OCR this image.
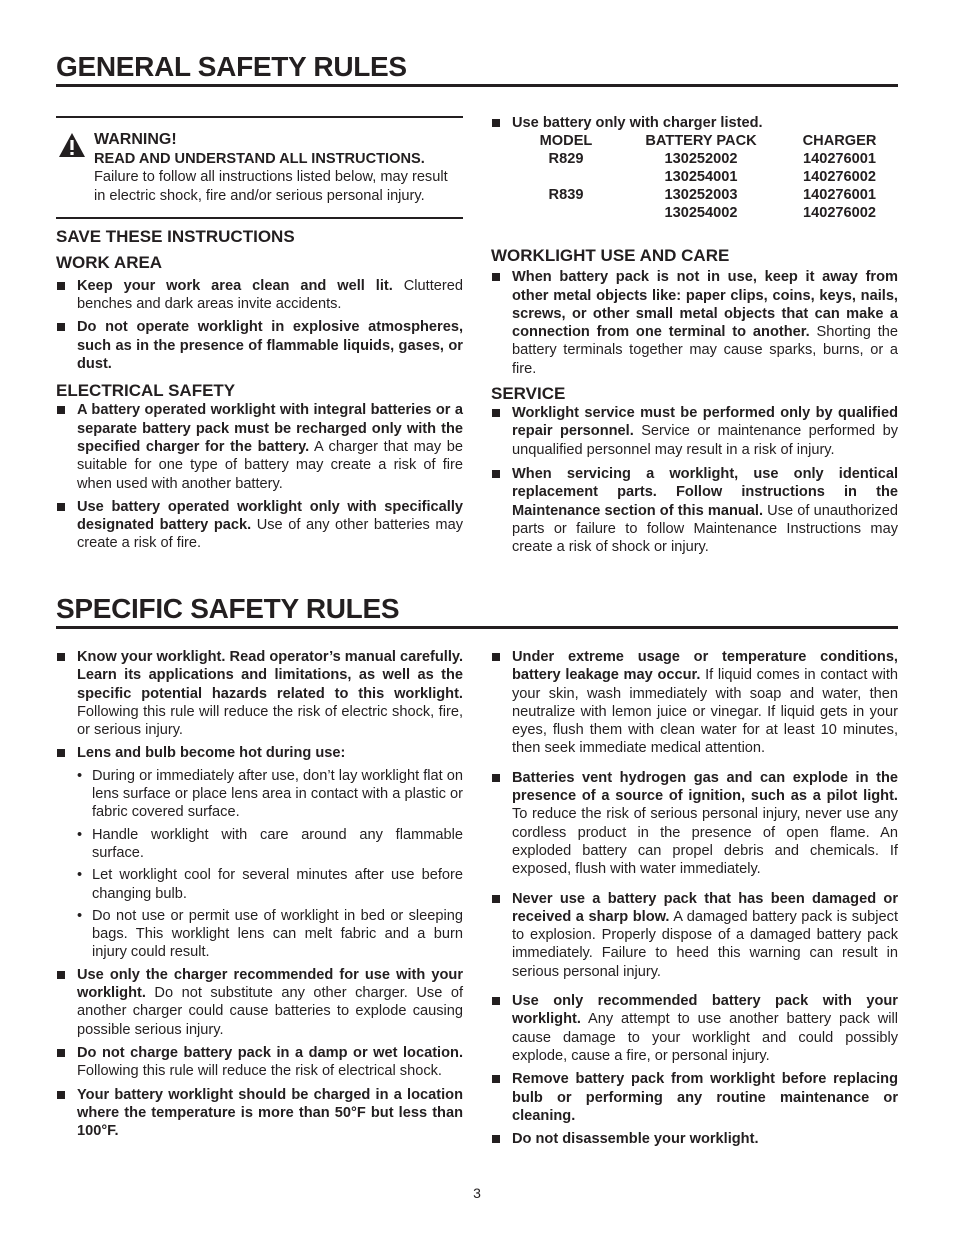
GENERAL SAFETY RULES
WARNING!
READ AND UNDERSTAND ALL INSTRUCTIONS.
Failure to follow all instructions listed below, may result in electric shock, fire and/or serious personal injury.
SAVE THESE INSTRUCTIONS
WORK AREA
Keep your work area clean and well lit. Cluttered benches and dark areas invite accidents.
Do not operate worklight in explosive atmospheres, such as in the presence of flammable liquids, gases, or dust.
ELECTRICAL SAFETY
A battery operated worklight with integral batteries or a separate battery pack must be recharged only with the specified charger for the battery. A charger that may be suitable for one type of battery may create a risk of fire when used with another battery.
Use battery operated worklight only with specifically designated battery pack. Use of any other batteries may create a risk of fire.
Use battery only with charger listed.
MODEL	BATTERY PACK	CHARGER
R829	130252002	140276001
	130254001	140276002
R839	130252003	140276001
	130254002	140276002
WORKLIGHT USE AND CARE
When battery pack is not in use, keep it away from other metal objects like: paper clips, coins, keys, nails, screws, or other small metal objects that can make a connection from one terminal to another. Shorting the battery terminals together may cause sparks, burns, or a fire.
SERVICE
Worklight service must be performed only by qualified repair personnel. Service or maintenance performed by unqualified personnel may result in a risk of injury.
When servicing a worklight, use only identical replacement parts. Follow instructions in the Maintenance section of this manual. Use of unauthorized parts or failure to follow Maintenance Instructions may create a risk of shock or injury.
SPECIFIC SAFETY RULES
Know your worklight. Read operator’s manual carefully. Learn its applications and limitations, as well as the specific potential hazards related to this worklight. Following this rule will reduce the risk of electric shock, fire, or serious injury.
Lens and bulb become hot during use:
• During or immediately after use, don’t lay worklight flat on lens surface or place lens area in contact with a plastic or fabric covered surface.
• Handle worklight with care around any flammable surface.
• Let worklight cool for several minutes after use before changing bulb.
• Do not use or permit use of worklight in bed or sleeping bags. This worklight lens can melt fabric and a burn injury could result.
Use only the charger recommended for use with your worklight. Do not substitute any other charger. Use of another charger could cause batteries to explode causing possible serious injury.
Do not charge battery pack in a damp or wet location. Following this rule will reduce the risk of electrical shock.
Your battery worklight should be charged in a location where the temperature is more than 50°F but less than 100°F.
Under extreme usage or temperature conditions, battery leakage may occur. If liquid comes in contact with your skin, wash immediately with soap and water, then neutralize with lemon juice or vinegar. If liquid gets in your eyes, flush them with clean water for at least 10 minutes, then seek immediate medical attention.
Batteries vent hydrogen gas and can explode in the presence of a source of ignition, such as a pilot light. To reduce the risk of serious personal injury, never use any cordless product in the presence of open flame. An exploded battery can propel debris and chemicals. If exposed, flush with water immediately.
Never use a battery pack that has been damaged or received a sharp blow. A damaged battery pack is subject to explosion. Properly dispose of a damaged battery pack immediately. Failure to heed this warning can result in serious personal injury.
Use only recommended battery pack with your worklight. Any attempt to use another battery pack will cause damage to your worklight and could possibly explode, cause a fire, or personal injury.
Remove battery pack from worklight before replacing bulb or performing any routine maintenance or cleaning.
Do not disassemble your worklight.
3
